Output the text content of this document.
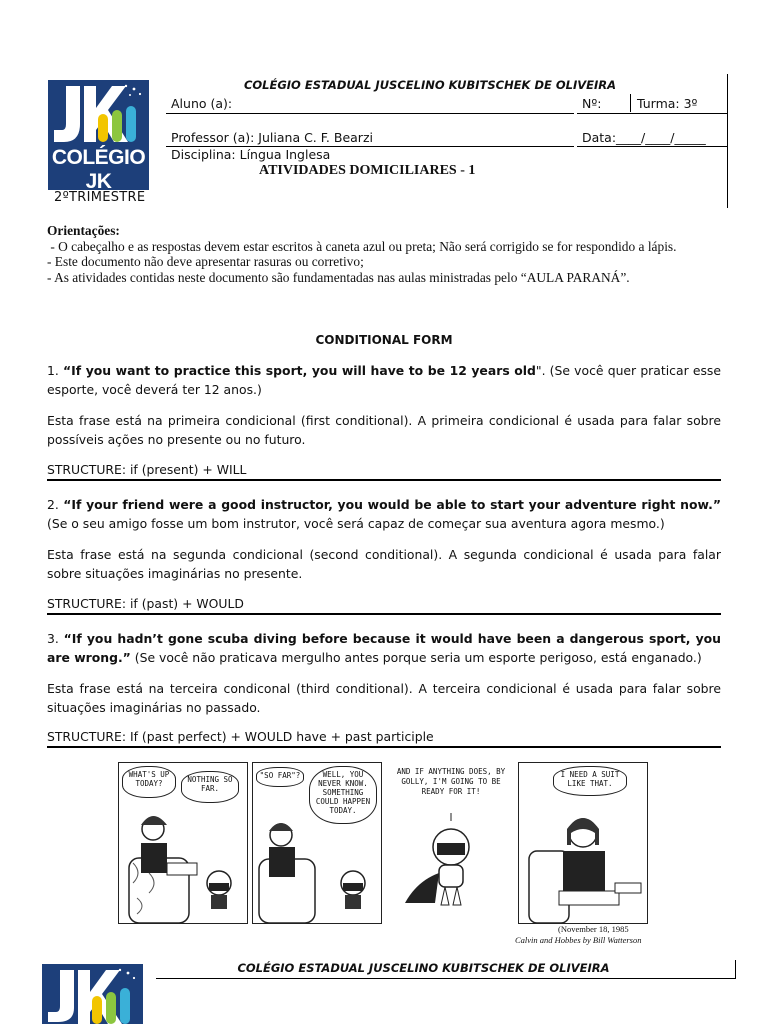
COLÉGIO JK
2ºTRIMESTRE
COLÉGIO ESTADUAL JUSCELINO KUBITSCHEK DE OLIVEIRA
Aluno (a):	Nº:	Turma: 3º
Professor (a): Juliana C. F. Bearzi	Data:____/____/_____
Disciplina: Língua Inglesa
ATIVIDADES DOMICILIARES - 1
Orientações:
- O cabeçalho e as respostas devem estar escritos à caneta azul ou preta; Não será corrigido se for respondido a lápis.
- Este documento não deve apresentar rasuras ou corretivo;
- As atividades contidas neste documento são fundamentadas nas aulas ministradas pelo “AULA PARANÁ”.
CONDITIONAL FORM
1. “If you want to practice this sport, you will have to be 12 years old". (Se você quer praticar esse esporte, você deverá ter 12 anos.)
Esta frase está na primeira condicional (first conditional). A primeira condicional é usada para falar sobre possíveis ações no presente ou no futuro.
STRUCTURE: if (present) + WILL
2. “If your friend were a good instructor, you would be able to start your adventure right now.” (Se o seu amigo fosse um bom instrutor, você será capaz de começar sua aventura agora mesmo.)
Esta frase está na segunda condicional (second conditional). A segunda condicional é usada para falar sobre situações imaginárias no presente.
STRUCTURE: if (past) + WOULD
3. “If you hadn’t gone scuba diving before because it would have been a dangerous sport, you are wrong.” (Se você não praticava mergulho antes porque seria um esporte perigoso, está enganado.)
Esta frase está na terceira condiconal (third conditional). A terceira condicional é usada para falar sobre situações imaginárias no passado.
STRUCTURE: If (past perfect) + WOULD have + past participle
WHAT'S UP TODAY?	NOTHING SO FAR.
"SO FAR"?	WELL, YOU NEVER KNOW. SOMETHING COULD HAPPEN TODAY.
AND IF ANYTHING DOES, BY GOLLY, I'M GOING TO BE READY FOR IT!
I NEED A SUIT LIKE THAT.
(November 18, 1985
Calvin and Hobbes by Bill Watterson
COLÉGIO ESTADUAL JUSCELINO KUBITSCHEK DE OLIVEIRA
